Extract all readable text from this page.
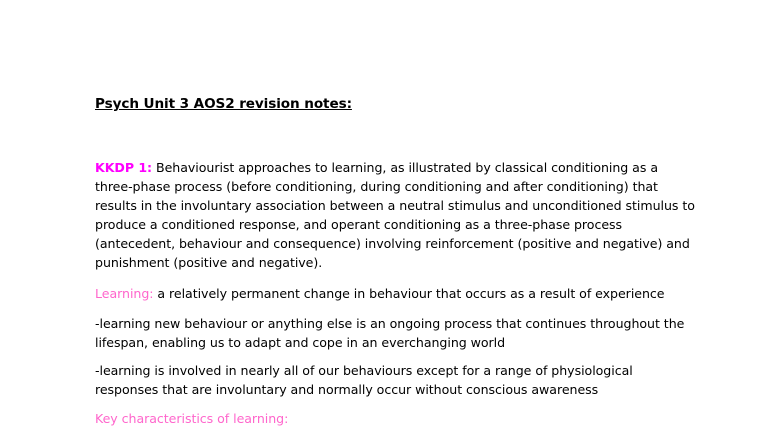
Psych Unit 3 AOS2 revision notes:
KKDP 1: Behaviourist approaches to learning, as illustrated by classical conditioning as a three-phase process (before conditioning, during conditioning and after conditioning) that results in the involuntary association between a neutral stimulus and unconditioned stimulus to produce a conditioned response, and operant conditioning as a three-phase process (antecedent, behaviour and consequence) involving reinforcement (positive and negative) and punishment (positive and negative).
Learning: a relatively permanent change in behaviour that occurs as a result of experience
-learning new behaviour or anything else is an ongoing process that continues throughout the lifespan, enabling us to adapt and cope in an everchanging world
-learning is involved in nearly all of our behaviours except for a range of physiological responses that are involuntary and normally occur without conscious awareness
Key characteristics of learning:
